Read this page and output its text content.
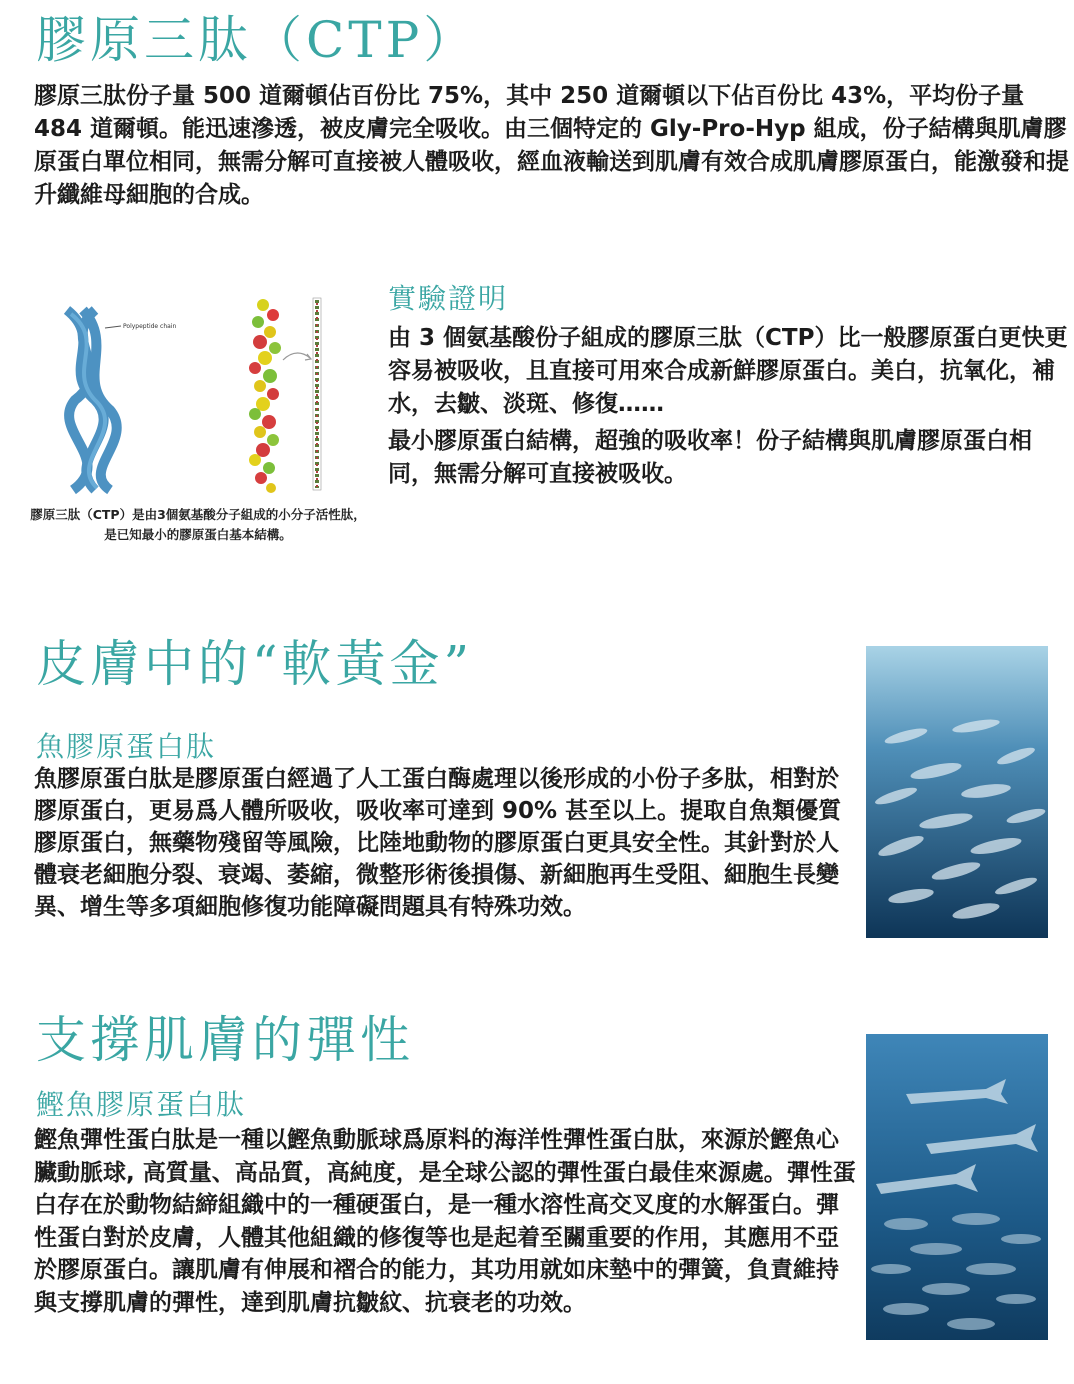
膠原三肽（CTP）

膠原三肽份子量 500 道爾頓佔百份比 75%，其中 250 道爾頓以下佔百份比 43%，平均份子量 484 道爾頓。能迅速滲透，被皮膚完全吸收。由三個特定的 Gly-Pro-Hyp 組成，份子結構與肌膚膠原蛋白單位相同，無需分解可直接被人體吸收，經血液輸送到肌膚有效合成肌膚膠原蛋白，能激發和提升纖維母細胞的合成。

Polypeptide chain
膠原三肽（CTP）是由3個氨基酸分子組成的小分子活性肽，是已知最小的膠原蛋白基本結構。
實驗證明

由 3 個氨基酸份子組成的膠原三肽（CTP）比一般膠原蛋白更快更容易被吸收，且直接可用來合成新鮮膠原蛋白。美白，抗氧化，補水，去皺、淡斑、修復……

最小膠原蛋白結構，超強的吸收率！份子結構與肌膚膠原蛋白相同，無需分解可直接被吸收。

皮膚中的“軟黃金”
魚膠原蛋白肽

魚膠原蛋白肽是膠原蛋白經過了人工蛋白酶處理以後形成的小份子多肽，相對於膠原蛋白，更易爲人體所吸收，吸收率可達到 90% 甚至以上。提取自魚類優質膠原蛋白，無藥物殘留等風險，比陸地動物的膠原蛋白更具安全性。其針對於人體衰老細胞分裂、衰竭、萎縮，微整形術後損傷、新細胞再生受阻、細胞生長變異、增生等多項細胞修復功能障礙問題具有特殊功效。

支撐肌膚的彈性
鰹魚膠原蛋白肽

鰹魚彈性蛋白肽是一種以鰹魚動脈球爲原料的海洋性彈性蛋白肽，來源於鰹魚心臟動脈球, 高質量、高品質，高純度，是全球公認的彈性蛋白最佳來源處。彈性蛋白存在於動物結締組織中的一種硬蛋白，是一種水溶性高交叉度的水解蛋白。彈性蛋白對於皮膚，人體其他組織的修復等也是起着至關重要的作用，其應用不亞於膠原蛋白。讓肌膚有伸展和褶合的能力，其功用就如床墊中的彈簧，負責維持與支撐肌膚的彈性，達到肌膚抗皺紋、抗衰老的功效。
